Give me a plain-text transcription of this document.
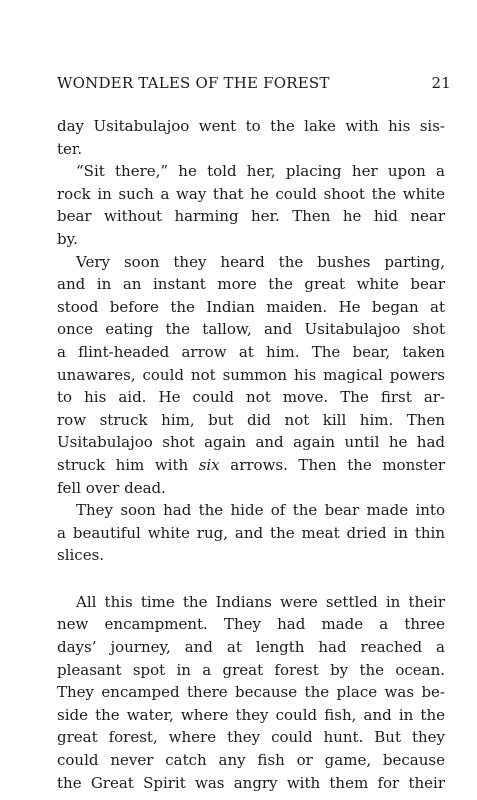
WONDER TALES OF THE FOREST	21
day Usitabulajoo went to the lake with his sis-
ter.
“Sit there,” he told her, placing her upon a
rock in such a way that he could shoot the white
bear without harming her. Then he hid near
by.
Very soon they heard the bushes parting,
and in an instant more the great white bear
stood before the Indian maiden. He began at
once eating the tallow, and Usitabulajoo shot
a flint-headed arrow at him. The bear, taken
unawares, could not summon his magical powers
to his aid. He could not move. The first ar-
row struck him, but did not kill him. Then
Usitabulajoo shot again and again until he had
struck him with six arrows. Then the monster
fell over dead.
They soon had the hide of the bear made into
a beautiful white rug, and the meat dried in thin
slices.
All this time the Indians were settled in their
new encampment. They had made a three
days’ journey, and at length had reached a
pleasant spot in a great forest by the ocean.
They encamped there because the place was be-
side the water, where they could fish, and in the
great forest, where they could hunt. But they
could never catch any fish or game, because
the Great Spirit was angry with them for their
